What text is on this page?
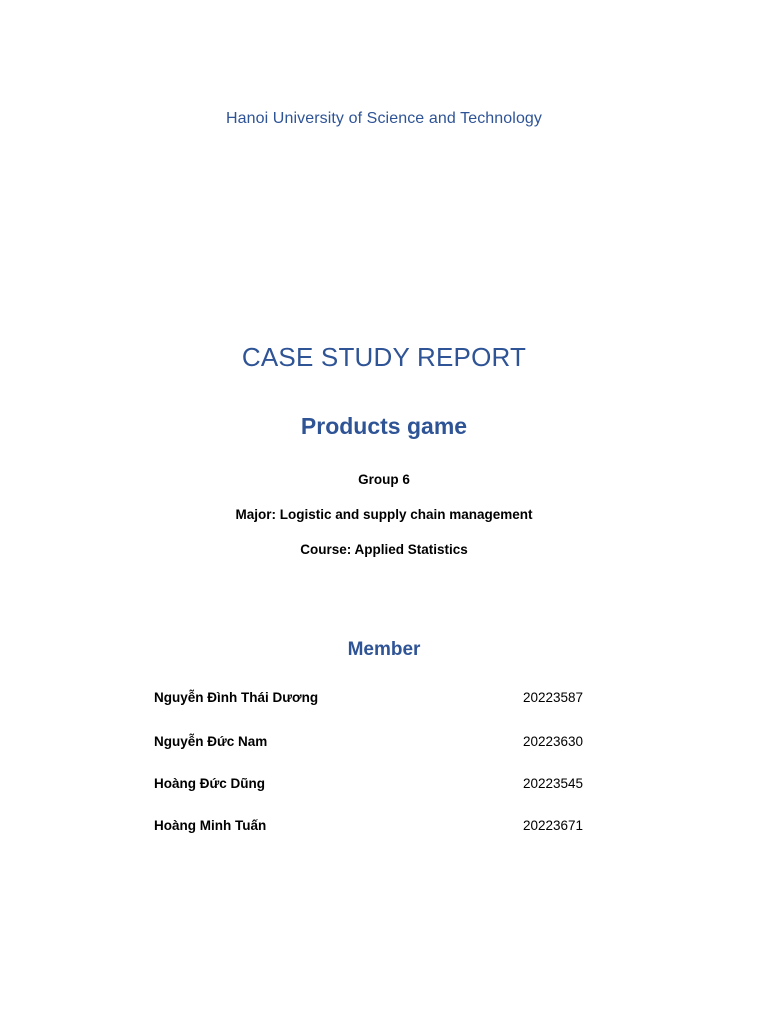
Hanoi University of Science and Technology
CASE STUDY REPORT
Products game
Group 6
Major: Logistic and supply chain management
Course: Applied Statistics
Member
Nguyễn Đình Thái Dương	20223587
Nguyễn Đức Nam	20223630
Hoàng Đức Dũng	20223545
Hoàng Minh Tuấn	20223671
